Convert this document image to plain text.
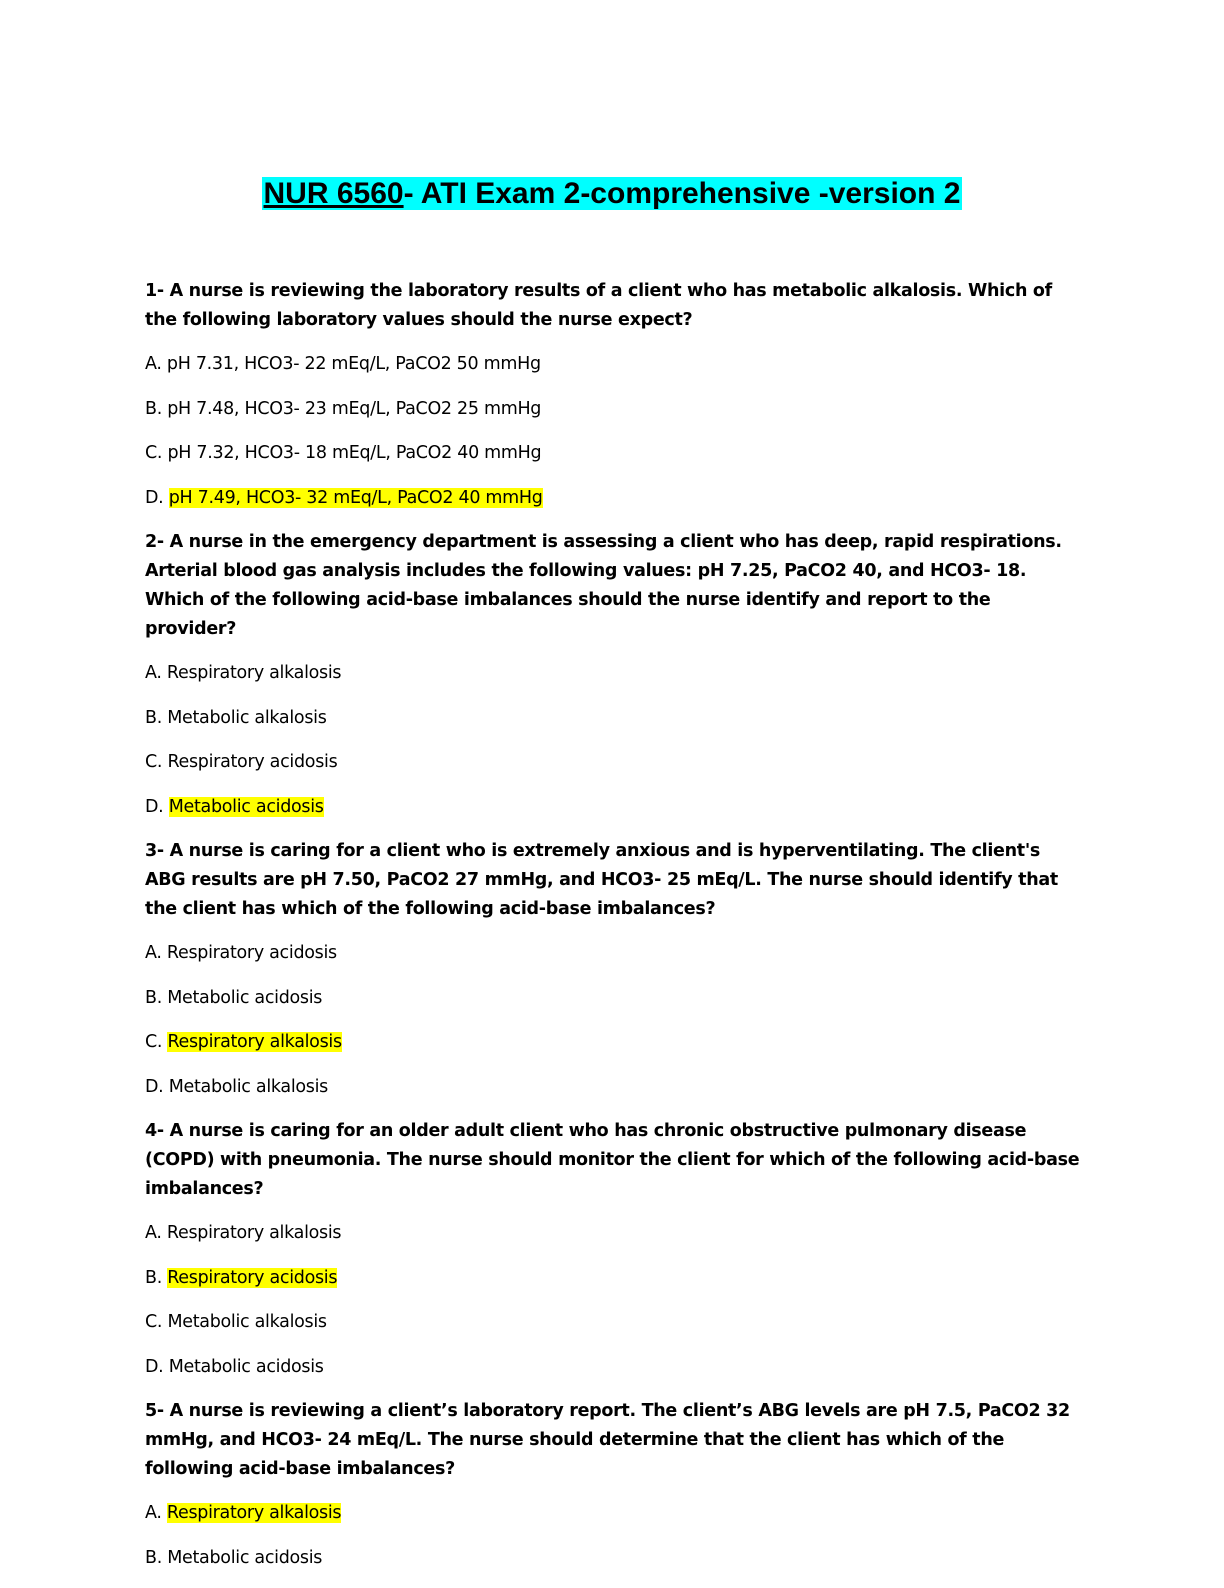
NUR 6560- ATI Exam 2-comprehensive -version 2

1- A nurse is reviewing the laboratory results of a client who has metabolic alkalosis. Which of the following laboratory values should the nurse expect?

A. pH 7.31, HCO3- 22 mEq/L, PaCO2 50 mmHg

B. pH 7.48, HCO3- 23 mEq/L, PaCO2 25 mmHg

C. pH 7.32, HCO3- 18 mEq/L, PaCO2 40 mmHg

D. pH 7.49, HCO3- 32 mEq/L, PaCO2 40 mmHg

2- A nurse in the emergency department is assessing a client who has deep, rapid respirations. Arterial blood gas analysis includes the following values: pH 7.25, PaCO2 40, and HCO3- 18. Which of the following acid-base imbalances should the nurse identify and report to the provider?

A. Respiratory alkalosis

B. Metabolic alkalosis

C. Respiratory acidosis

D. Metabolic acidosis

3- A nurse is caring for a client who is extremely anxious and is hyperventilating. The client's ABG results are pH 7.50, PaCO2 27 mmHg, and HCO3- 25 mEq/L. The nurse should identify that the client has which of the following acid-base imbalances?

A. Respiratory acidosis

B. Metabolic acidosis

C. Respiratory alkalosis

D. Metabolic alkalosis

4- A nurse is caring for an older adult client who has chronic obstructive pulmonary disease (COPD) with pneumonia. The nurse should monitor the client for which of the following acid-base imbalances?

A. Respiratory alkalosis

B. Respiratory acidosis

C. Metabolic alkalosis

D. Metabolic acidosis

5- A nurse is reviewing a client’s laboratory report. The client’s ABG levels are pH 7.5, PaCO2 32 mmHg, and HCO3- 24 mEq/L. The nurse should determine that the client has which of the following acid-base imbalances?

A. Respiratory alkalosis

B. Metabolic acidosis
